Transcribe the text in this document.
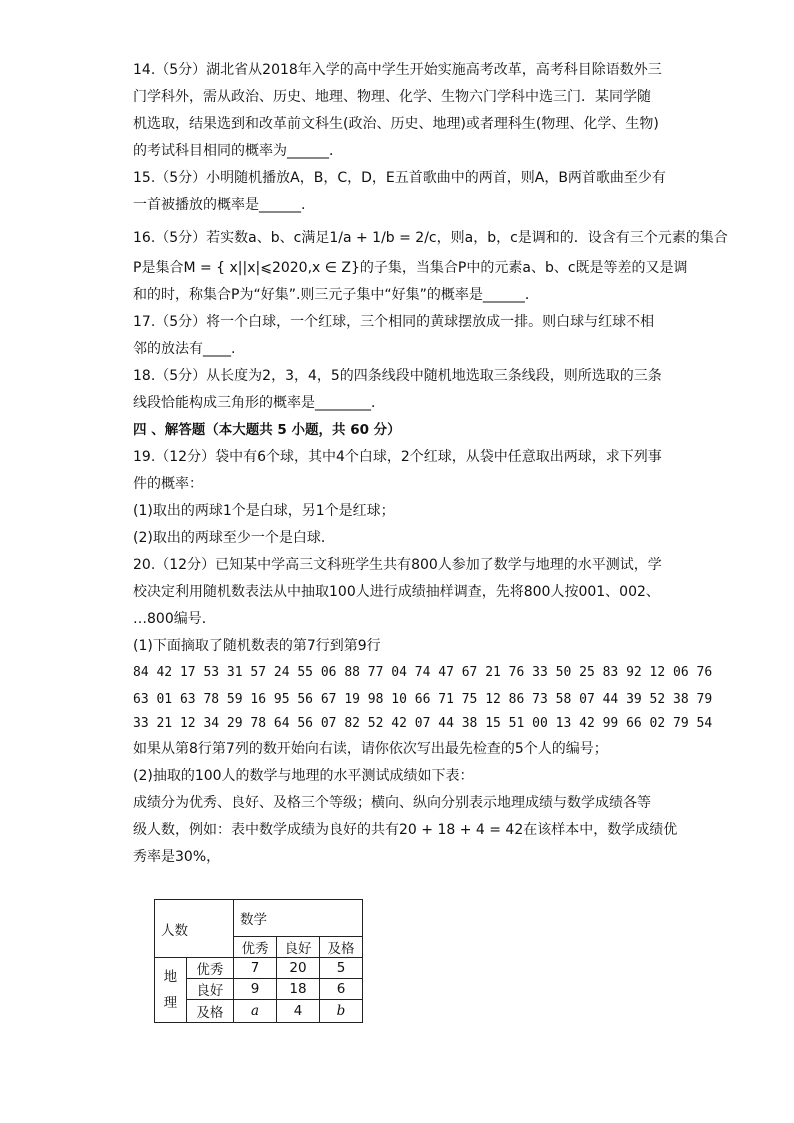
14.（5分）湖北省从2018年入学的高中学生开始实施高考改革，高考科目除语数外三
门学科外，需从政治、历史、地理、物理、化学、生物六门学科中选三门．某同学随
机选取，结果选到和改革前文科生(政治、历史、地理)或者理科生(物理、化学、生物)
的考试科目相同的概率为______．
15.（5分）小明随机播放A，B，C，D，E五首歌曲中的两首，则A，B两首歌曲至少有
一首被播放的概率是______.
16.（5分）若实数a、b、c满足1/a + 1/b = 2/c，则a，b，c是调和的．设含有三个元素的集合
P是集合M = { x||x|⩽2020,x ∈ Z}的子集，当集合P中的元素a、b、c既是等差的又是调
和的时，称集合P为“好集”.则三元子集中“好集”的概率是______．
17.（5分）将一个白球，一个红球，三个相同的黄球摆放成一排。则白球与红球不相
邻的放法有____.
18.（5分）从长度为2，3，4，5的四条线段中随机地选取三条线段，则所选取的三条
线段恰能构成三角形的概率是________．
四 、解答题（本大题共 5 小题，共 60 分）
19.（12分）袋中有6个球，其中4个白球，2个红球，从袋中任意取出两球，求下列事
件的概率：
(1)取出的两球1个是白球，另1个是红球；
(2)取出的两球至少一个是白球．
20.（12分）已知某中学高三文科班学生共有800人参加了数学与地理的水平测试，学
校决定利用随机数表法从中抽取100人进行成绩抽样调查，先将800人按001、002、
…800编号．
(1)下面摘取了随机数表的第7行到第9行
84 42 17 53 31 57 24 55 06 88 77 04 74 47 67 21 76 33 50 25 83 92 12 06 76
63 01 63 78 59 16 95 56 67 19 98 10 66 71 75 12 86 73 58 07 44 39 52 38 79
33 21 12 34 29 78 64 56 07 82 52 42 07 44 38 15 51 00 13 42 99 66 02 79 54
如果从第8行第7列的数开始向右读，请你依次写出最先检查的5个人的编号；
(2)抽取的100人的数学与地理的水平测试成绩如下表：
成绩分为优秀、良好、及格三个等级；横向、纵向分别表示地理成绩与数学成绩各等
级人数，例如：表中数学成绩为良好的共有20 + 18 + 4 = 42在该样本中，数学成绩优
秀率是30%，
人数		数学		
		优秀	良好	及格
地
理	优秀	7	20	5
	良好	9	18	6
	及格	a	4	b
